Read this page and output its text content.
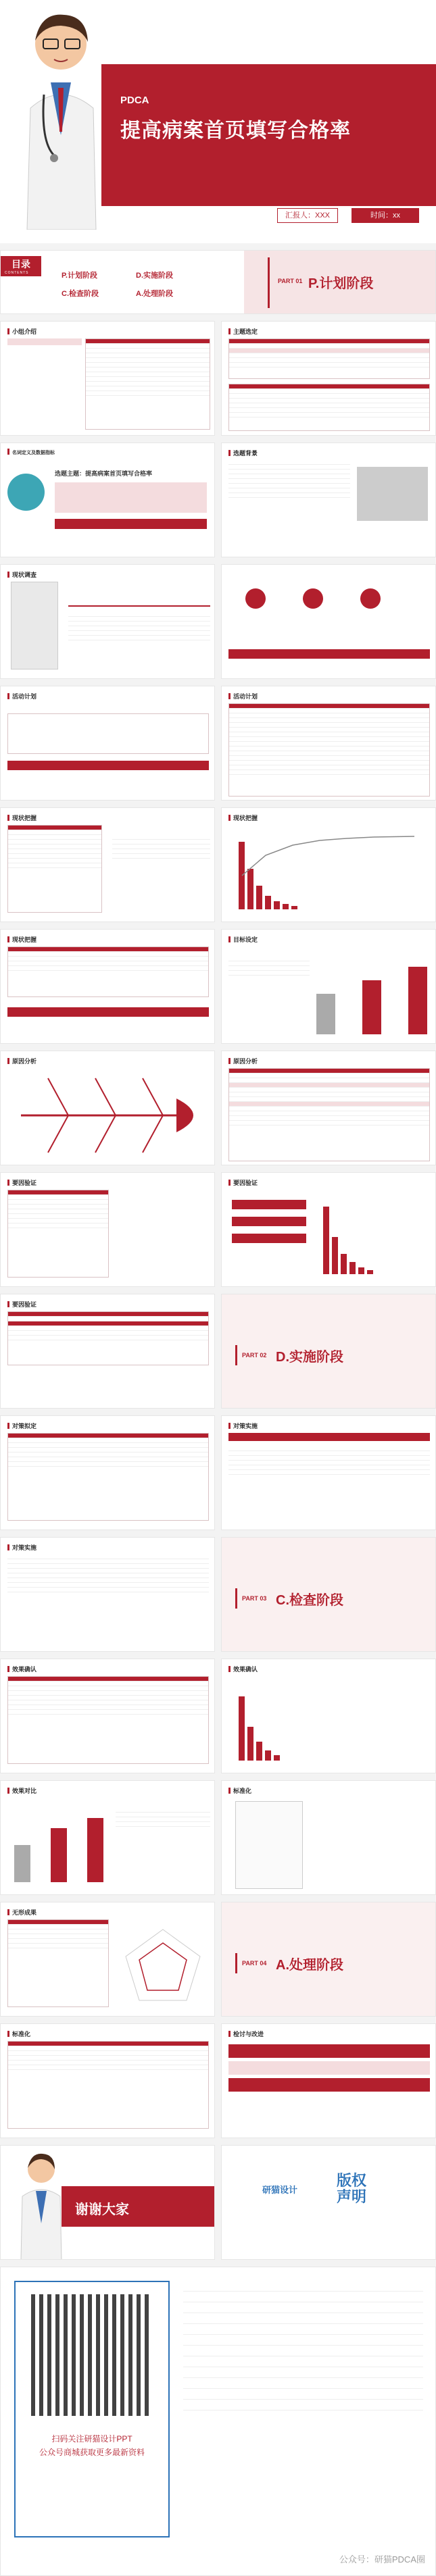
PDCA
提高病案首页填写合格率
汇报人：XXX	时间：xx
目录
CONTENTS	P.计划阶段	D.实施阶段
C.检查阶段	A.处理阶段
PART 01 P.计划阶段
小组介绍	主题选定
名词定义及数据指标
选题主题：提高病案首页填写合格率
选题背景
现状调查
活动计划	活动计划
现状把握	现状把握
现状把握	目标设定
原因分析	原因分析
要因验证	要因验证
要因验证
PART 02 D.实施阶段
对策拟定	对策实施
对策实施
PART 03 C.检查阶段
效果确认	效果确认
效果对比	标准化
无形成果
PART 04 A.处理阶段
标准化	检讨与改进
谢谢大家
研猫设计
版权声明
扫码关注研猫设计PPT
公众号商城获取更多最新资料
公众号：研猫PDCA圈
